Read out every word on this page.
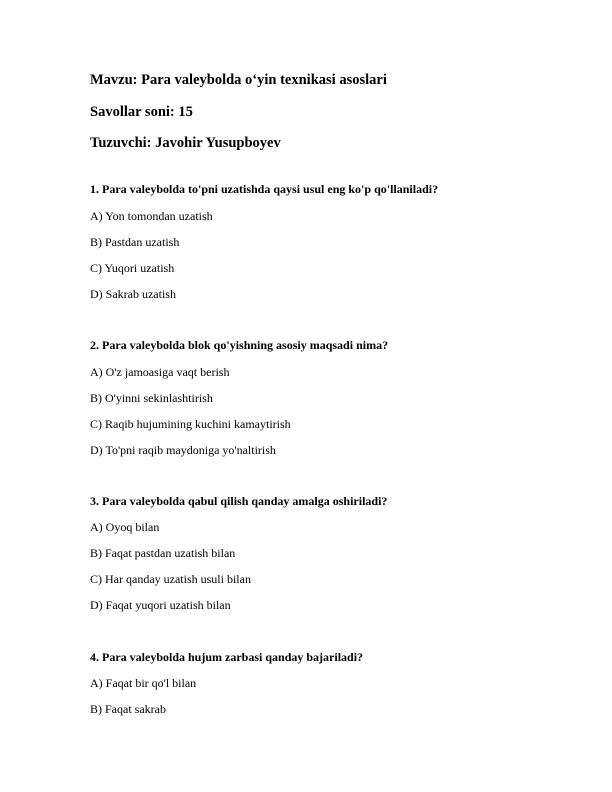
Mavzu: Para valeybolda o‘yin texnikasi asoslari
Savollar soni: 15
Tuzuvchi: Javohir Yusupboyev
1. Para valeybolda to'pni uzatishda qaysi usul eng ko'p qo'llaniladi?
A) Yon tomondan uzatish
B) Pastdan uzatish
C) Yuqori uzatish
D) Sakrab uzatish
2. Para valeybolda blok qo'yishning asosiy maqsadi nima?
A) O'z jamoasiga vaqt berish
B) O'yinni sekinlashtirish
C) Raqib hujumining kuchini kamaytirish
D) To'pni raqib maydoniga yo'naltirish
3. Para valeybolda qabul qilish qanday amalga oshiriladi?
A) Oyoq bilan
B) Faqat pastdan uzatish bilan
C) Har qanday uzatish usuli bilan
D) Faqat yuqori uzatish bilan
4. Para valeybolda hujum zarbasi qanday bajariladi?
A) Faqat bir qo'l bilan
B) Faqat sakrab
